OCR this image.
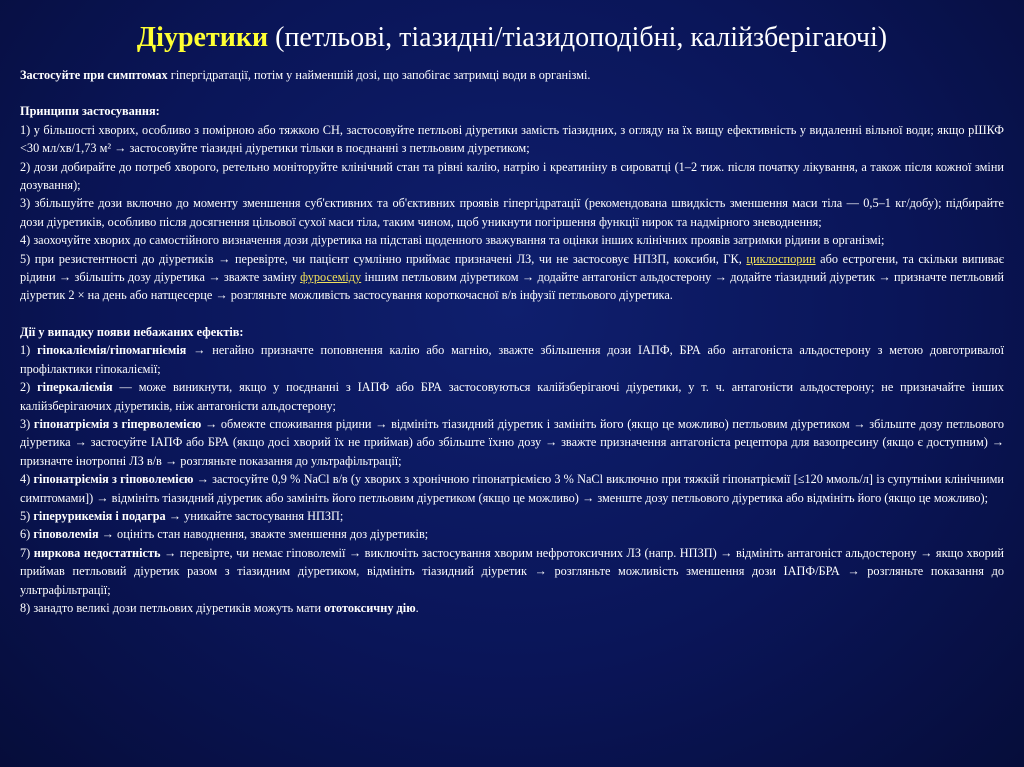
Діуретики (петльові, тіазидні/тіазидоподібні, калійзберігаючі)

Застосуйте при симптомах гіпергідратації, потім у найменшій дозі, що запобігає затримці води в організмі.

Принципи застосування:

1) у більшості хворих, особливо з помірною або тяжкою СН, застосовуйте петльові діуретики замість тіазидних, з огляду на їх вищу ефективність у видаленні вільної води; якщо рШКФ <30 мл/хв/1,73 м² → застосовуйте тіазидні діуретики тільки в поєднанні з петльовим діуретиком;

2) дози добирайте до потреб хворого, ретельно моніторуйте клінічний стан та рівні калію, натрію і креатиніну в сироватці (1–2 тиж. після початку лікування, а також після кожної зміни дозування);

3) збільшуйте дози включно до моменту зменшення суб'єктивних та об'єктивних проявів гіпергідратації (рекомендована швидкість зменшення маси тіла — 0,5–1 кг/добу); підбирайте дози діуретиків, особливо після досягнення цільової сухої маси тіла, таким чином, щоб уникнути погіршення функції нирок та надмірного зневоднення;

4) заохочуйте хворих до самостійного визначення дози діуретика на підставі щоденного зважування та оцінки інших клінічних проявів затримки рідини в організмі;

5) при резистентності до діуретиків → перевірте, чи пацієнт сумлінно приймає призначені ЛЗ, чи не застосовує НПЗП, коксиби, ГК, циклоспорин або естрогени, та скільки випиває рідини → збільшіть дозу діуретика → зважте заміну фуросеміду іншим петльовим діуретиком → додайте антагоніст альдостерону → додайте тіазидний діуретик → призначте петльовий діуретик 2 × на день або натщесерце → розгляньте можливість застосування короткочасної в/в інфузії петльового діуретика.

Дії у випадку появи небажаних ефектів:

1) гіпокаліємія/гіпомагніємія → негайно призначте поповнення калію або магнію, зважте збільшення дози ІАПФ, БРА або антагоніста альдостерону з метою довготривалої профілактики гіпокаліємії;

2) гіперкаліємія — може виникнути, якщо у поєднанні з ІАПФ або БРА застосовуються калійзберігаючі діуретики, у т. ч. антагоністи альдостерону; не призначайте інших калійзберігаючих діуретиків, ніж антагоністи альдостерону;

3) гіпонатріємія з гіперволемією → обмежте споживання рідини → відмініть тіазидний діуретик і замініть його (якщо це можливо) петльовим діуретиком → збільште дозу петльового діуретика → застосуйте ІАПФ або БРА (якщо досі хворий їх не приймав) або збільште їхню дозу → зважте призначення антагоніста рецептора для вазопресину (якщо є доступним) → призначте інотропні ЛЗ в/в → розгляньте показання до ультрафільтрації;

4) гіпонатріємія з гіповолемією → застосуйте 0,9 % NaCl в/в (у хворих з хронічною гіпонатріємією 3 % NaCl виключно при тяжкій гіпонатріємії [≤120 ммоль/л] із супутніми клінічними симптомами]) → відмініть тіазидний діуретик або замініть його петльовим діуретиком (якщо це можливо) → зменште дозу петльового діуретика або відмініть його (якщо це можливо);

5) гіперурикемія і подагра → уникайте застосування НПЗП;

6) гіповолемія → оцініть стан наводнення, зважте зменшення доз діуретиків;

7) ниркова недостатність → перевірте, чи немає гіповолемії → виключіть застосування хворим нефротоксичних ЛЗ (напр. НПЗП) → відмініть антагоніст альдостерону → якщо хворий приймав петльовий діуретик разом з тіазидним діуретиком, відмініть тіазидний діуретик → розгляньте можливість зменшення дози ІАПФ/БРА → розгляньте показання до ультрафільтрації;

8) занадто великі дози петльових діуретиків можуть мати ототоксичну дію.
